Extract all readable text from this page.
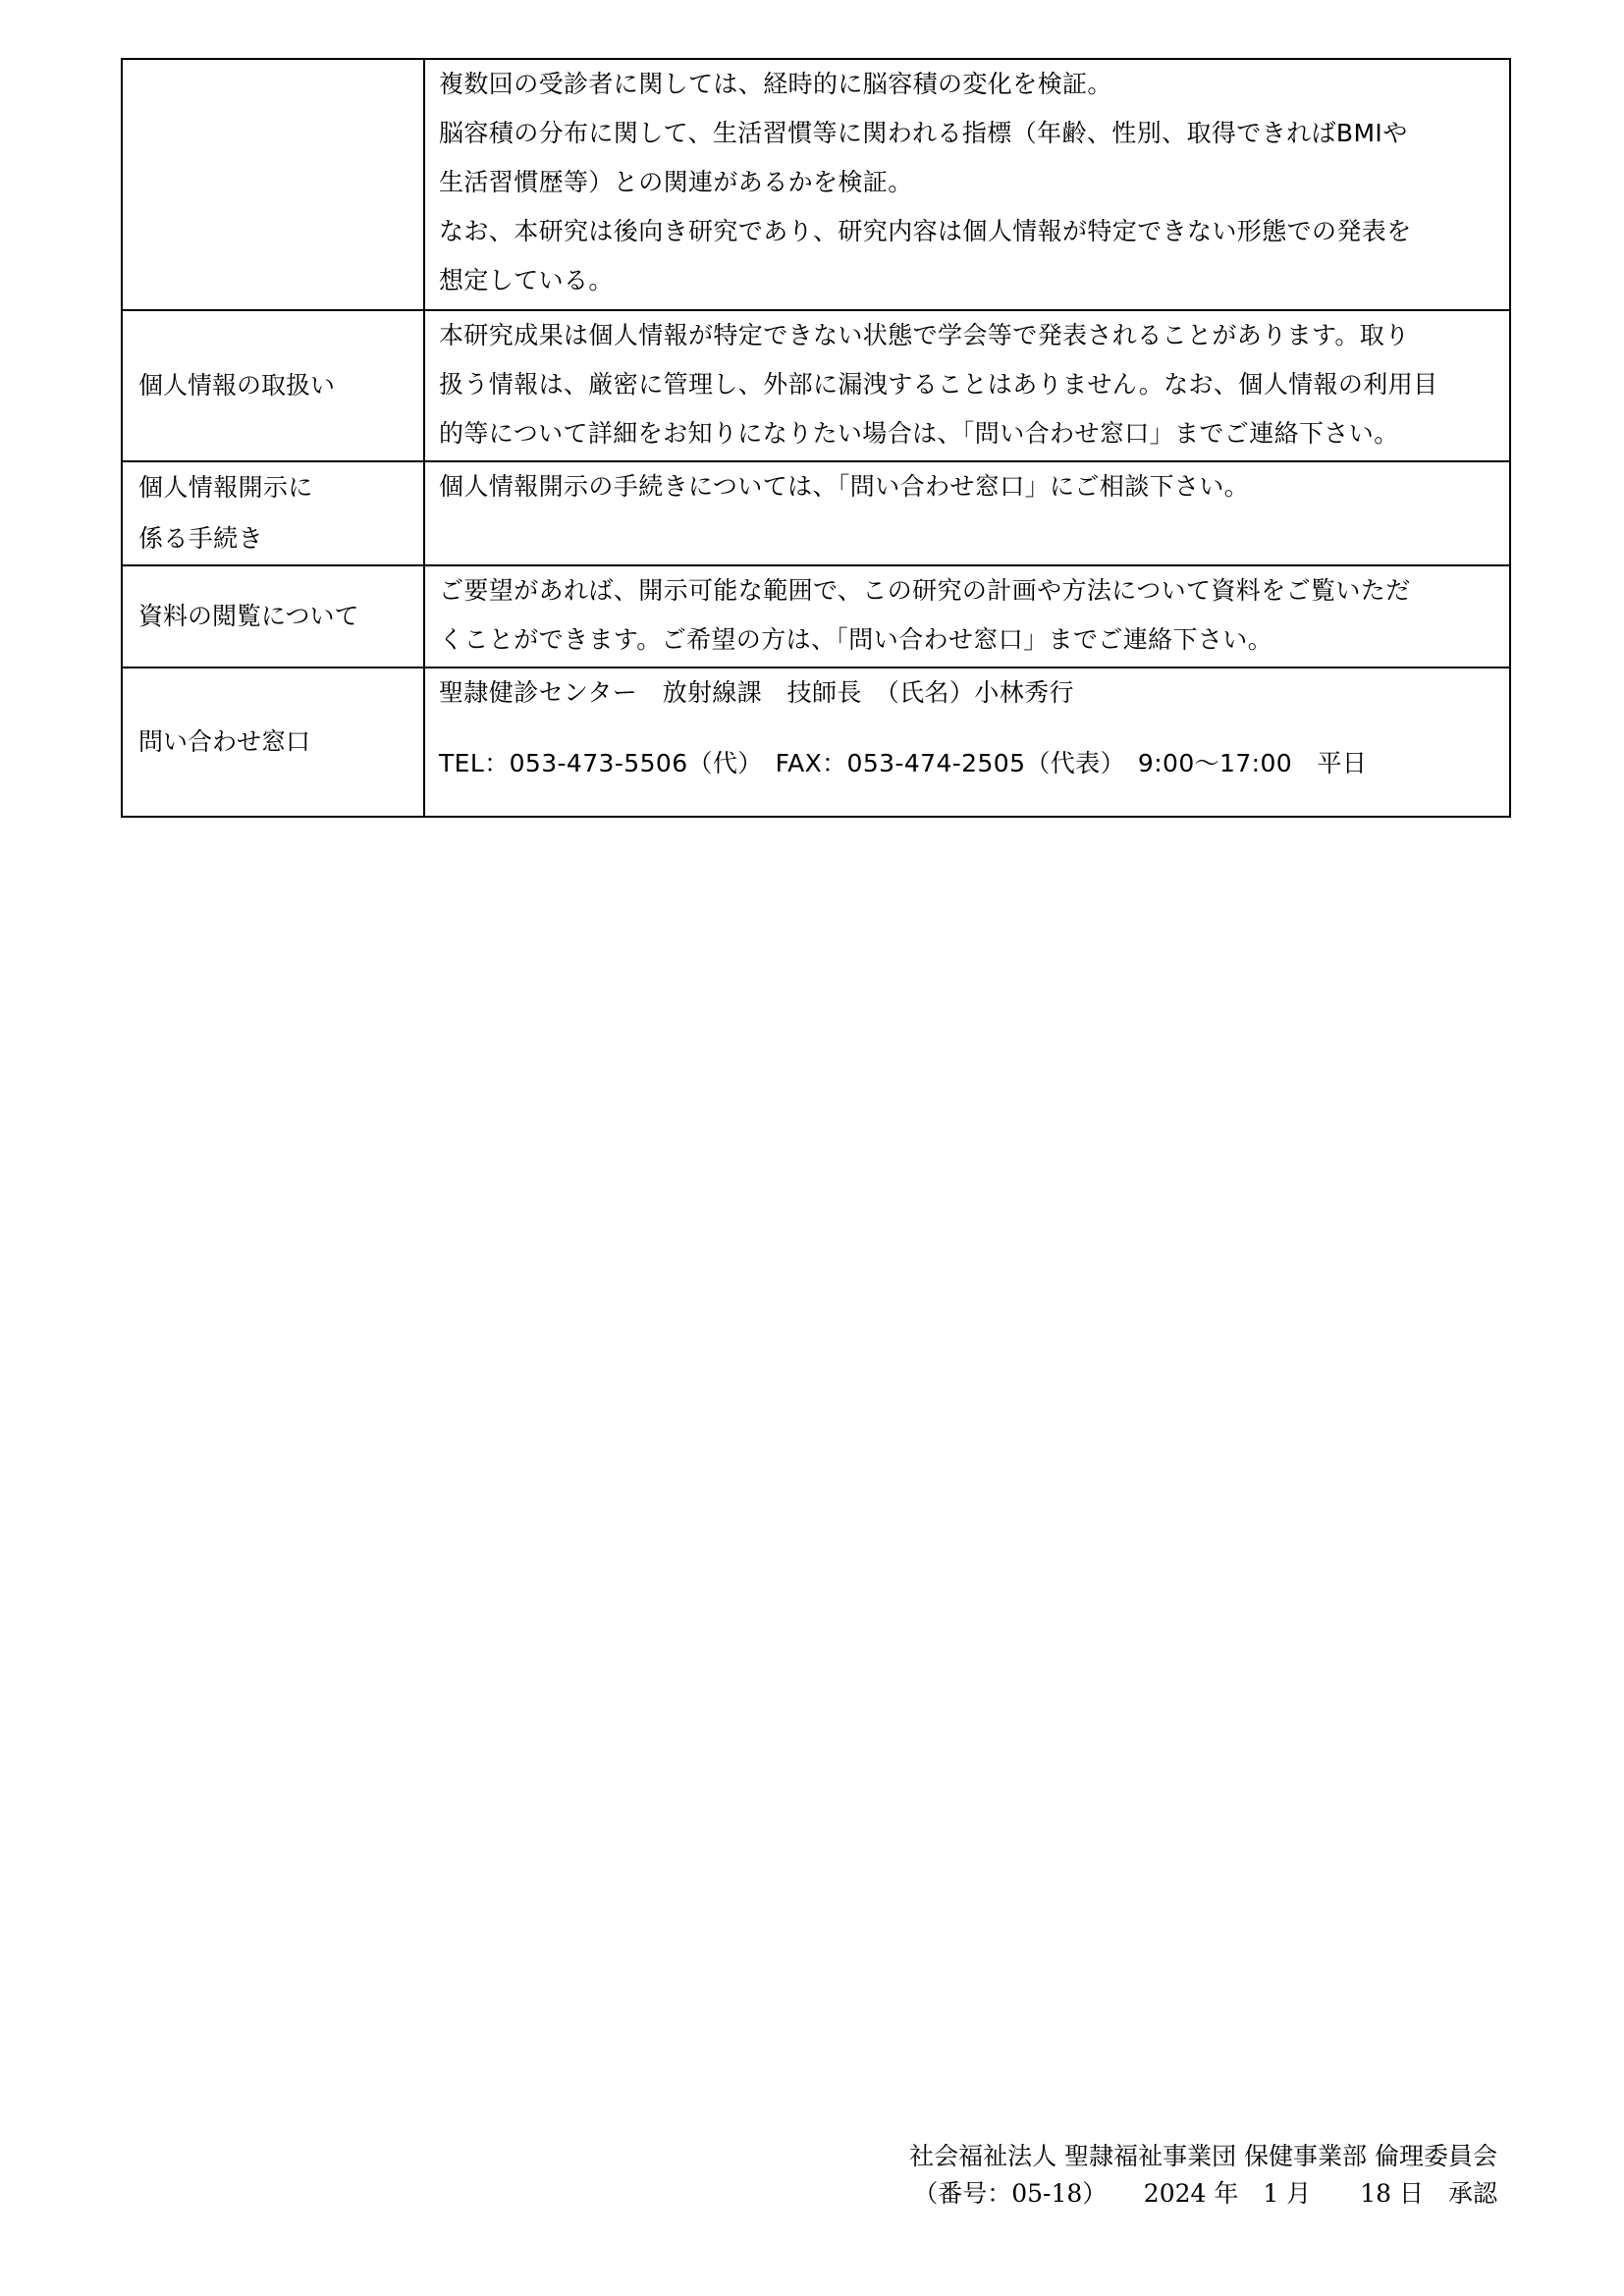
	複数回の受診者に関しては、経時的に脳容積の変化を検証。
脳容積の分布に関して、生活習慣等に関われる指標（年齢、性別、取得できればBMIや
生活習慣歴等）との関連があるかを検証。
なお、本研究は後向き研究であり、研究内容は個人情報が特定できない形態での発表を
想定している。

個人情報の取扱い	本研究成果は個人情報が特定できない状態で学会等で発表されることがあります。取り
扱う情報は、厳密に管理し、外部に漏洩することはありません。なお、個人情報の利用目
的等について詳細をお知りになりたい場合は、「問い合わせ窓口」までご連絡下さい。

個人情報開示に
係る手続き	個人情報開示の手続きについては、「問い合わせ窓口」にご相談下さい。

資料の閲覧について	ご要望があれば、開示可能な範囲で、この研究の計画や方法について資料をご覧いただ
くことができます。ご希望の方は、「問い合わせ窓口」までご連絡下さい。

問い合わせ窓口	聖隷健診センター　放射線課　技師長　（氏名）小林秀行
TEL：053-473-5506（代）　FAX：053-474-2505（代表）　9:00〜17:00　平日
社会福祉法人 聖隷福祉事業団 保健事業部 倫理委員会
（番号：05-18）　　2024 年　1 月　　18 日　承認
